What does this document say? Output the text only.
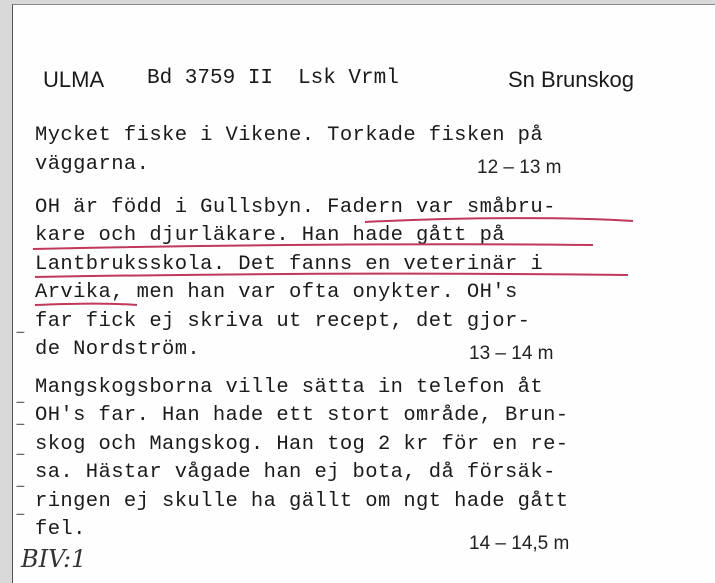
ULMA Bd 3759 II Lsk Vrml	Sn Brunskog
Mycket fiske i Vikene. Torkade fisken på
väggarna.	12 – 13 m
OH är född i Gullsbyn. Fadern var småbru-
kare och djurläkare. Han hade gått på
Lantbruksskola. Det fanns en veterinär i
Arvika, men han var ofta onykter. OH's
far fick ej skriva ut recept, det gjor-
de Nordström.	13 – 14 m
Mangskogsborna ville sätta in telefon åt
OH's far. Han hade ett stort område, Brun-
skog och Mangskog. Han tog 2 kr för en re-
sa. Hästar vågade han ej bota, då försäk-
ringen ej skulle ha gällt om ngt hade gått
fel.
14 – 14,5 m
–
–
–
–
–
–
BIV:1
